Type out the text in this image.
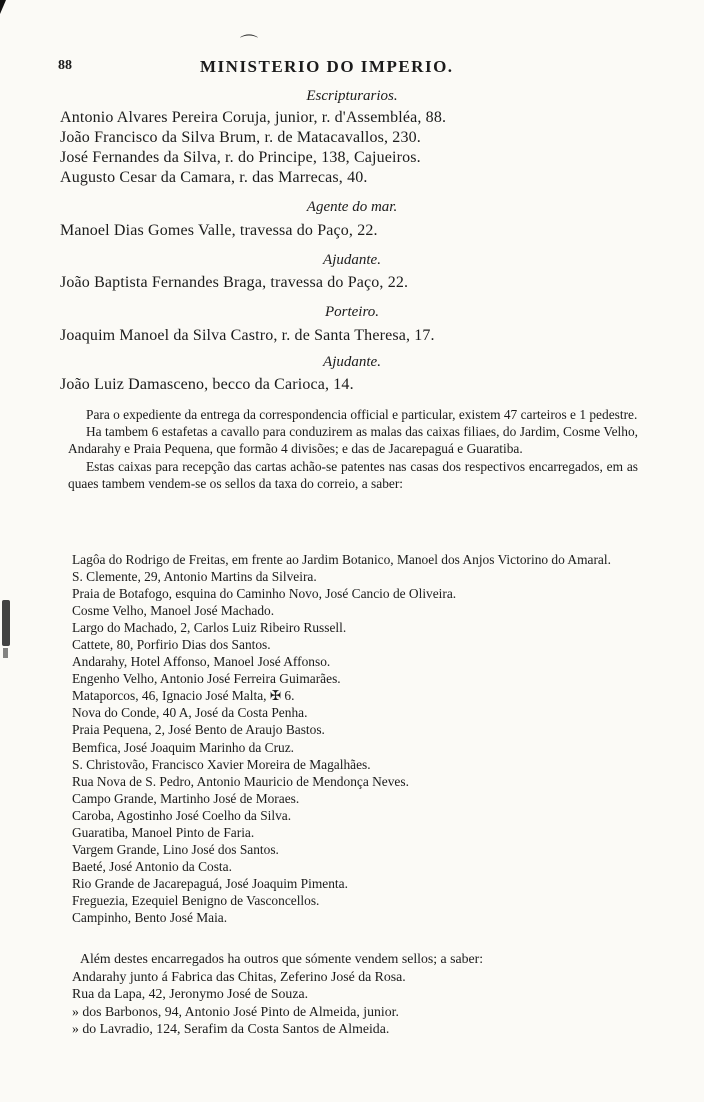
⌒
88	MINISTERIO DO IMPERIO.
Escripturarios.
Antonio Alvares Pereira Coruja, junior, r. d'Assembléa, 88.
João Francisco da Silva Brum, r. de Matacavallos, 230.
José Fernandes da Silva, r. do Principe, 138, Cajueiros.
Augusto Cesar da Camara, r. das Marrecas, 40.
Agente do mar.
Manoel Dias Gomes Valle, travessa do Paço, 22.
Ajudante.
João Baptista Fernandes Braga, travessa do Paço, 22.
Porteiro.
Joaquim Manoel da Silva Castro, r. de Santa Theresa, 17.
Ajudante.
João Luiz Damasceno, becco da Carioca, 14.

Para o expediente da entrega da correspondencia official e particular, existem 47 carteiros e 1 pedestre.

Ha tambem 6 estafetas a cavallo para conduzirem as malas das caixas filiaes, do Jardim, Cosme Velho, Andarahy e Praia Pequena, que formão 4 divisões; e das de Jacarepaguá e Guaratiba.

Estas caixas para recepção das cartas achão-se patentes nas casas dos respectivos encarregados, em as quaes tambem vendem-se os sellos da taxa do correio, a saber:

Lagôa do Rodrigo de Freitas, em frente ao Jardim Botanico, Manoel dos Anjos Victorino do Amaral.
S. Clemente, 29, Antonio Martins da Silveira.
Praia de Botafogo, esquina do Caminho Novo, José Cancio de Oliveira.
Cosme Velho, Manoel José Machado.
Largo do Machado, 2, Carlos Luiz Ribeiro Russell.
Cattete, 80, Porfirio Dias dos Santos.
Andarahy, Hotel Affonso, Manoel José Affonso.
Engenho Velho, Antonio José Ferreira Guimarães.
Mataporcos, 46, Ignacio José Malta, ✠ 6.
Nova do Conde, 40 A, José da Costa Penha.
Praia Pequena, 2, José Bento de Araujo Bastos.
Bemfica, José Joaquim Marinho da Cruz.
S. Christovão, Francisco Xavier Moreira de Magalhães.
Rua Nova de S. Pedro, Antonio Mauricio de Mendonça Neves.
Campo Grande, Martinho José de Moraes.
Caroba, Agostinho José Coelho da Silva.
Guaratiba, Manoel Pinto de Faria.
Vargem Grande, Lino José dos Santos.
Baeté, José Antonio da Costa.
Rio Grande de Jacarepaguá, José Joaquim Pimenta.
Freguezia, Ezequiel Benigno de Vasconcellos.
Campinho, Bento José Maia.
Além destes encarregados ha outros que sómente vendem sellos; a saber:
Andarahy junto á Fabrica das Chitas, Zeferino José da Rosa.
Rua da Lapa, 42, Jeronymo José de Souza.
» dos Barbonos, 94, Antonio José Pinto de Almeida, junior.
» do Lavradio, 124, Serafim da Costa Santos de Almeida.
